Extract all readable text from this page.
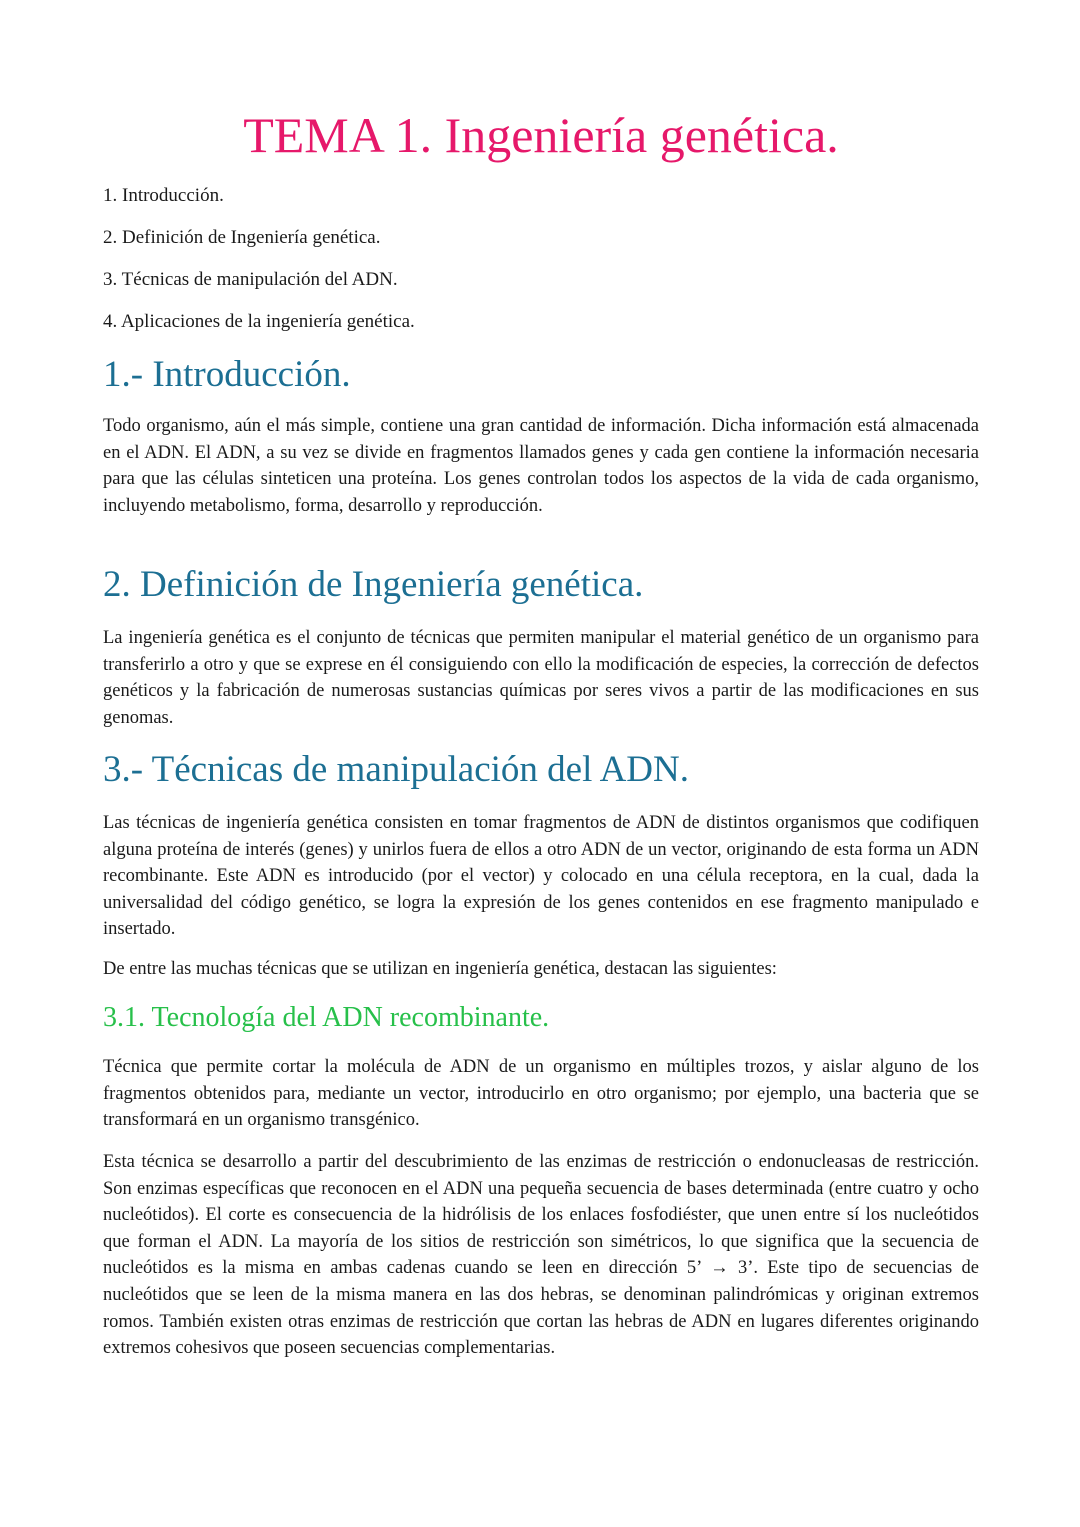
TEMA 1. Ingeniería genética.
1. Introducción.
2. Definición de Ingeniería genética.
3. Técnicas de manipulación del ADN.
4. Aplicaciones de la ingeniería genética.
1.- Introducción.

Todo organismo, aún el más simple, contiene una gran cantidad de información. Dicha información está almacenada en el ADN. El ADN, a su vez se divide en fragmentos llamados genes y cada gen contiene la información necesaria para que las células sinteticen una proteína. Los genes controlan todos los aspectos de la vida de cada organismo, incluyendo metabolismo, forma, desarrollo y reproducción.

2. Definición de Ingeniería genética.

La ingeniería genética es el conjunto de técnicas que permiten manipular el material genético de un organismo para transferirlo a otro y que se exprese en él consiguiendo con ello la modificación de especies, la corrección de defectos genéticos y la fabricación de numerosas sustancias químicas por seres vivos a partir de las modificaciones en sus genomas.

3.- Técnicas de manipulación del ADN.

Las técnicas de ingeniería genética consisten en tomar fragmentos de ADN de distintos organismos que codifiquen alguna proteína de interés (genes) y unirlos fuera de ellos a otro ADN de un vector, originando de esta forma un ADN recombinante. Este ADN es introducido (por el vector) y colocado en una célula receptora, en la cual, dada la universalidad del código genético, se logra la expresión de los genes contenidos en ese fragmento manipulado e insertado.

De entre las muchas técnicas que se utilizan en ingeniería genética, destacan las siguientes:

3.1. Tecnología del ADN recombinante.

Técnica que permite cortar la molécula de ADN de un organismo en múltiples trozos, y aislar alguno de los fragmentos obtenidos para, mediante un vector, introducirlo en otro organismo; por ejemplo, una bacteria que se transformará en un organismo transgénico.

Esta técnica se desarrollo a partir del descubrimiento de las enzimas de restricción o endonucleasas de restricción. Son enzimas específicas que reconocen en el ADN una pequeña secuencia de bases determinada (entre cuatro y ocho nucleótidos). El corte es consecuencia de la hidrólisis de los enlaces fosfodiéster, que unen entre sí los nucleótidos que forman el ADN. La mayoría de los sitios de restricción son simétricos, lo que significa que la secuencia de nucleótidos es la misma en ambas cadenas cuando se leen en dirección 5’ → 3’. Este tipo de secuencias de nucleótidos que se leen de la misma manera en las dos hebras, se denominan palindrómicas y originan extremos romos. También existen otras enzimas de restricción que cortan las hebras de ADN en lugares diferentes originando extremos cohesivos que poseen secuencias complementarias.
